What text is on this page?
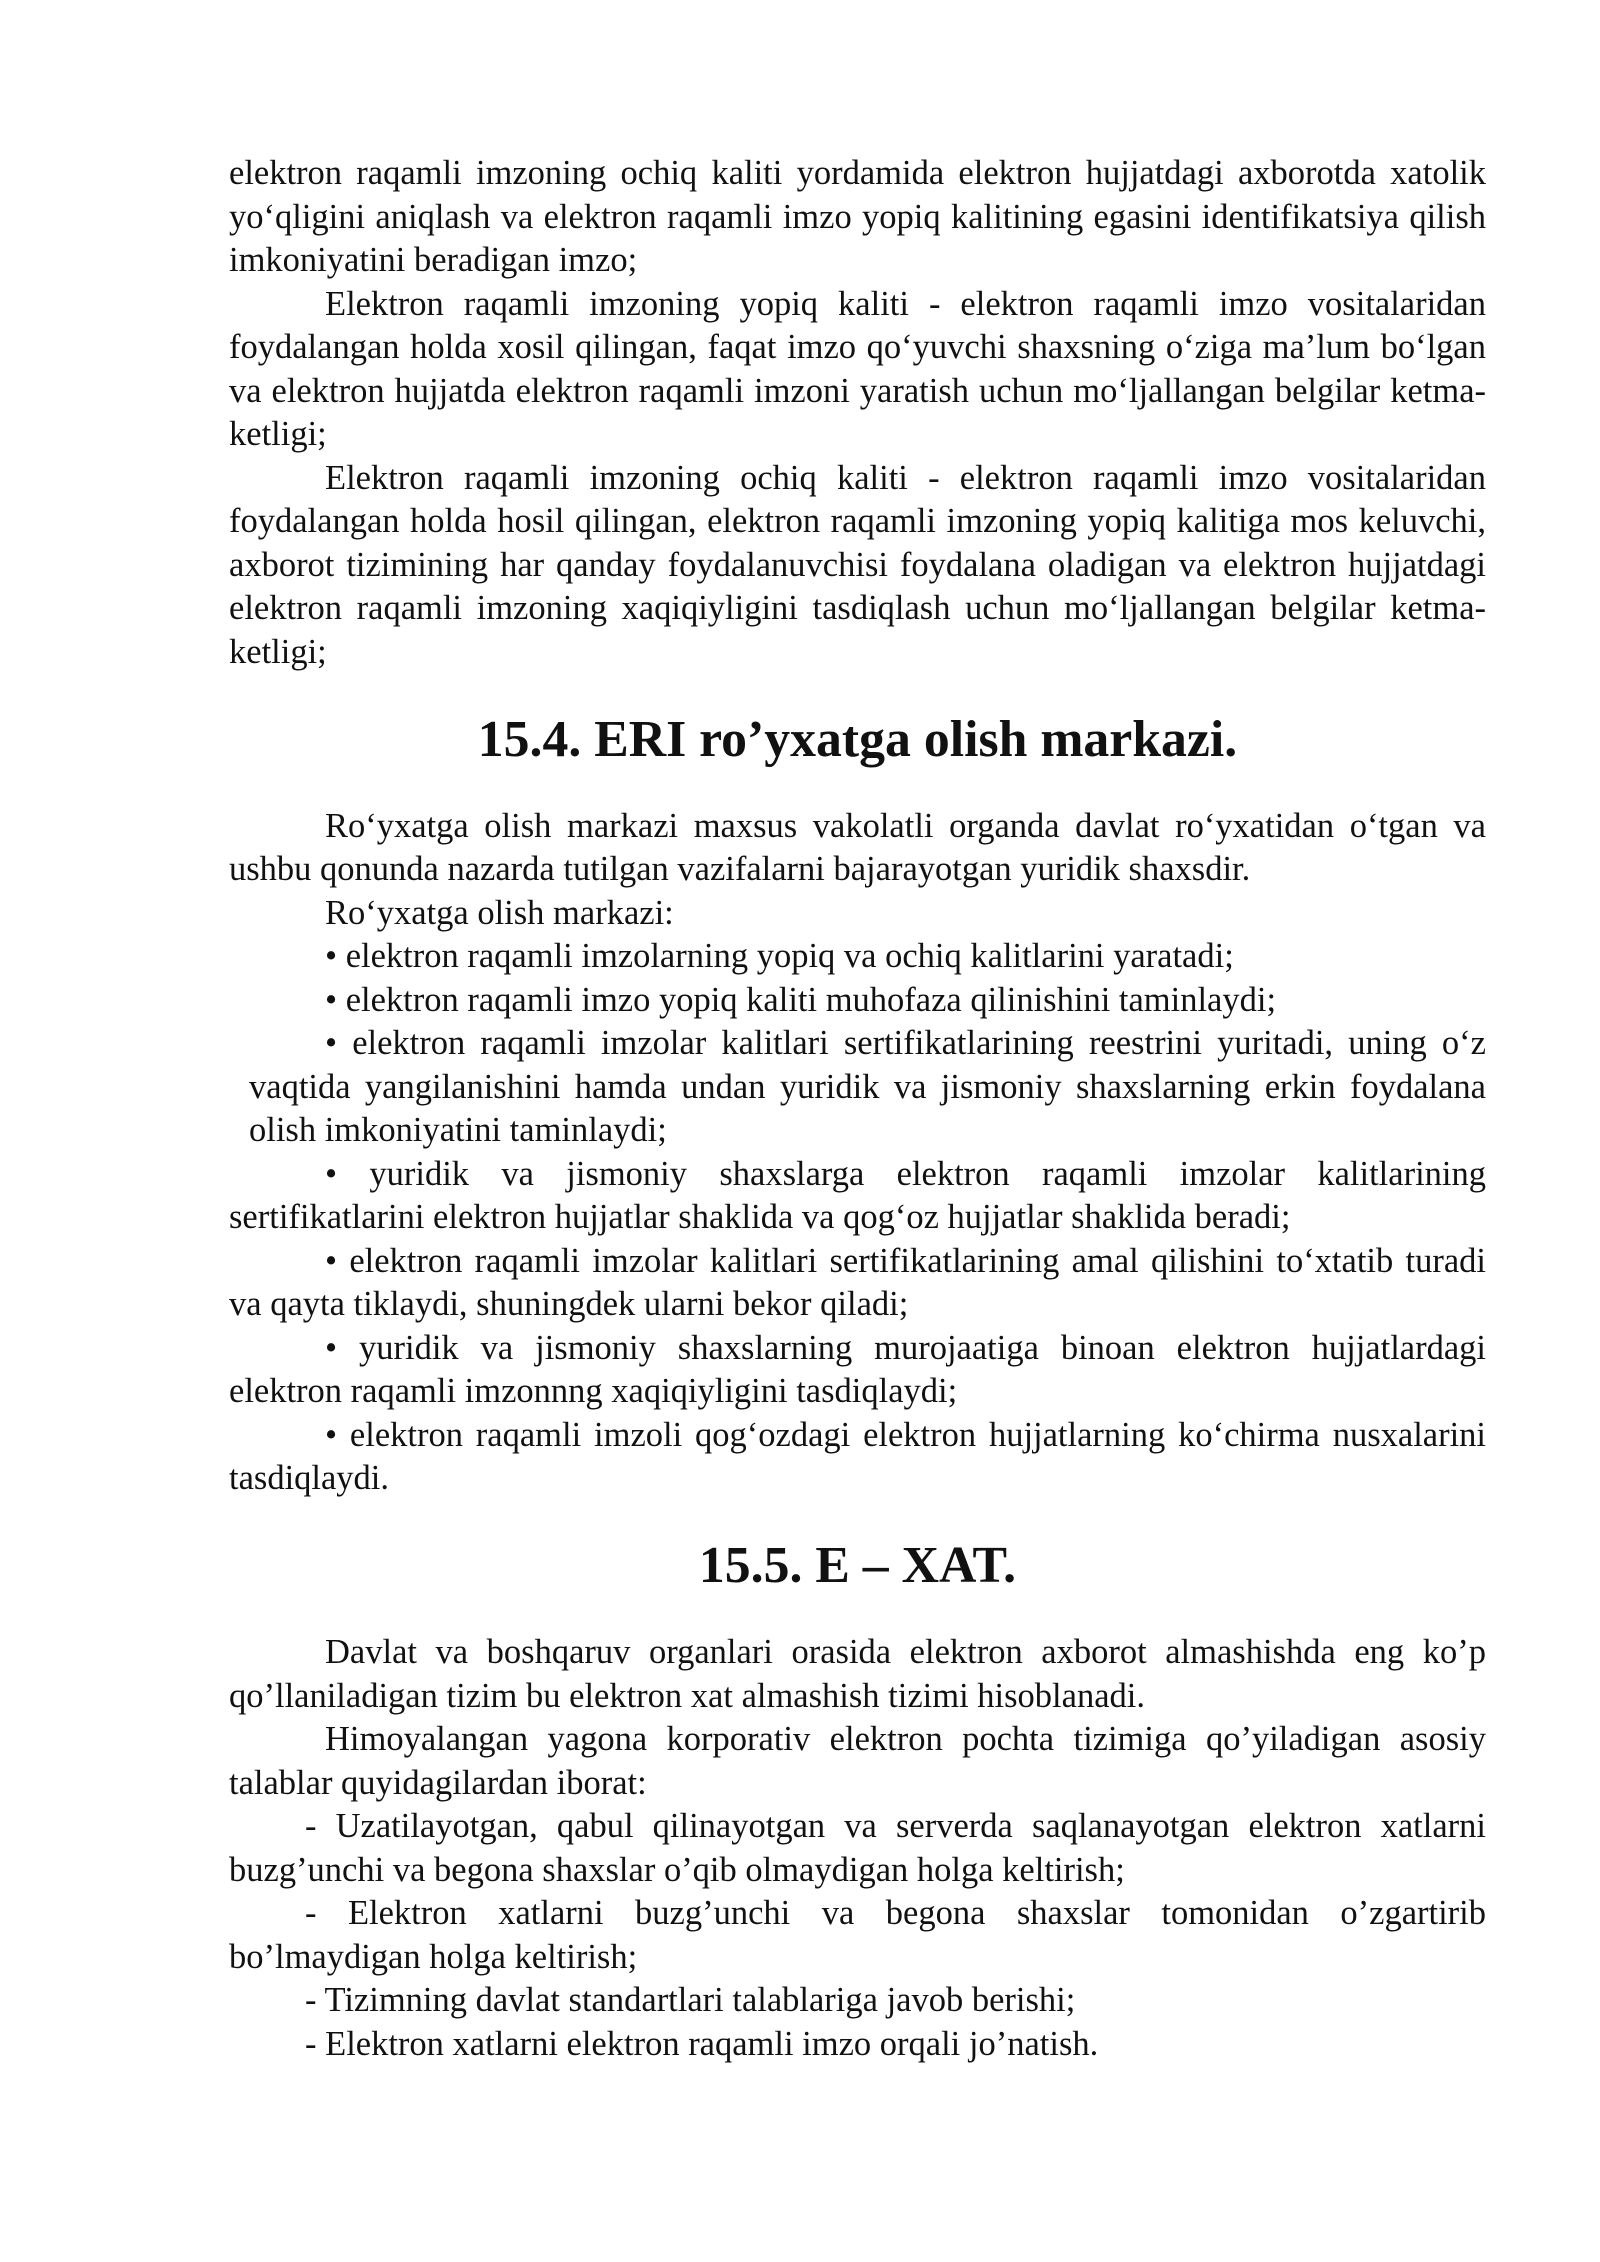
elektron raqamli imzoning ochiq kaliti yordamida elektron hujjatdagi axborotda xatolik yo‘qligini aniqlash va elektron raqamli imzo yopiq kalitining egasini identifikatsiya qilish imkoniyatini beradigan imzo;

Elektron raqamli imzoning yopiq kaliti - elektron raqamli imzo vositalaridan foydalangan holda xosil qilingan, faqat imzo qo‘yuvchi shaxsning o‘ziga ma’lum bo‘lgan va elektron hujjatda elektron raqamli imzoni yaratish uchun mo‘ljallangan belgilar ketma-ketligi;

Elektron raqamli imzoning ochiq kaliti - elektron raqamli imzo vositalaridan foydalangan holda hosil qilingan, elektron raqamli imzoning yopiq kalitiga mos keluvchi, axborot tizimining har qanday foydalanuvchisi foydalana oladigan va elektron hujjatdagi elektron raqamli imzoning xaqiqiyligini tasdiqlash uchun mo‘ljallangan belgilar ketma-ketligi;

15.4. ERI ro’yxatga olish markazi.

Ro‘yxatga olish markazi maxsus vakolatli organda davlat ro‘yxatidan o‘tgan va ushbu qonunda nazarda tutilgan vazifalarni bajarayotgan yuridik shaxsdir.

Ro‘yxatga olish markazi:

• elektron raqamli imzolarning yopiq va ochiq kalitlarini yaratadi;

• elektron raqamli imzo yopiq kaliti muhofaza qilinishini taminlaydi;

• elektron raqamli imzolar kalitlari sertifikatlarining reestrini yuritadi, uning o‘z vaqtida yangilanishini hamda undan yuridik va jismoniy shaxslarning erkin foydalana olish imkoniyatini taminlaydi;

• yuridik va jismoniy shaxslarga elektron raqamli imzolar kalitlarining sertifikatlarini elektron hujjatlar shaklida va qog‘oz hujjatlar shaklida beradi;

• elektron raqamli imzolar kalitlari sertifikatlarining amal qilishini to‘xtatib turadi va qayta tiklaydi, shuningdek ularni bekor qiladi;

• yuridik va jismoniy shaxslarning murojaatiga binoan elektron hujjatlardagi elektron raqamli imzonnng xaqiqiyligini tasdiqlaydi;

• elektron raqamli imzoli qog‘ozdagi elektron hujjatlarning ko‘chirma nusxalarini tasdiqlaydi.

15.5. E – XAT.

Davlat va boshqaruv organlari orasida elektron axborot almashishda eng ko’p qo’llaniladigan tizim bu elektron xat almashish tizimi hisoblanadi.

Himoyalangan yagona korporativ elektron pochta tizimiga qo’yiladigan asosiy talablar quyidagilardan iborat:

- Uzatilayotgan, qabul qilinayotgan va serverda saqlanayotgan elektron xatlarni buzg’unchi va begona shaxslar o’qib olmaydigan holga keltirish;

- Elektron xatlarni buzg’unchi va begona shaxslar tomonidan o’zgartirib bo’lmaydigan holga keltirish;

- Tizimning davlat standartlari talablariga javob berishi;

- Elektron xatlarni elektron raqamli imzo orqali jo’natish.
